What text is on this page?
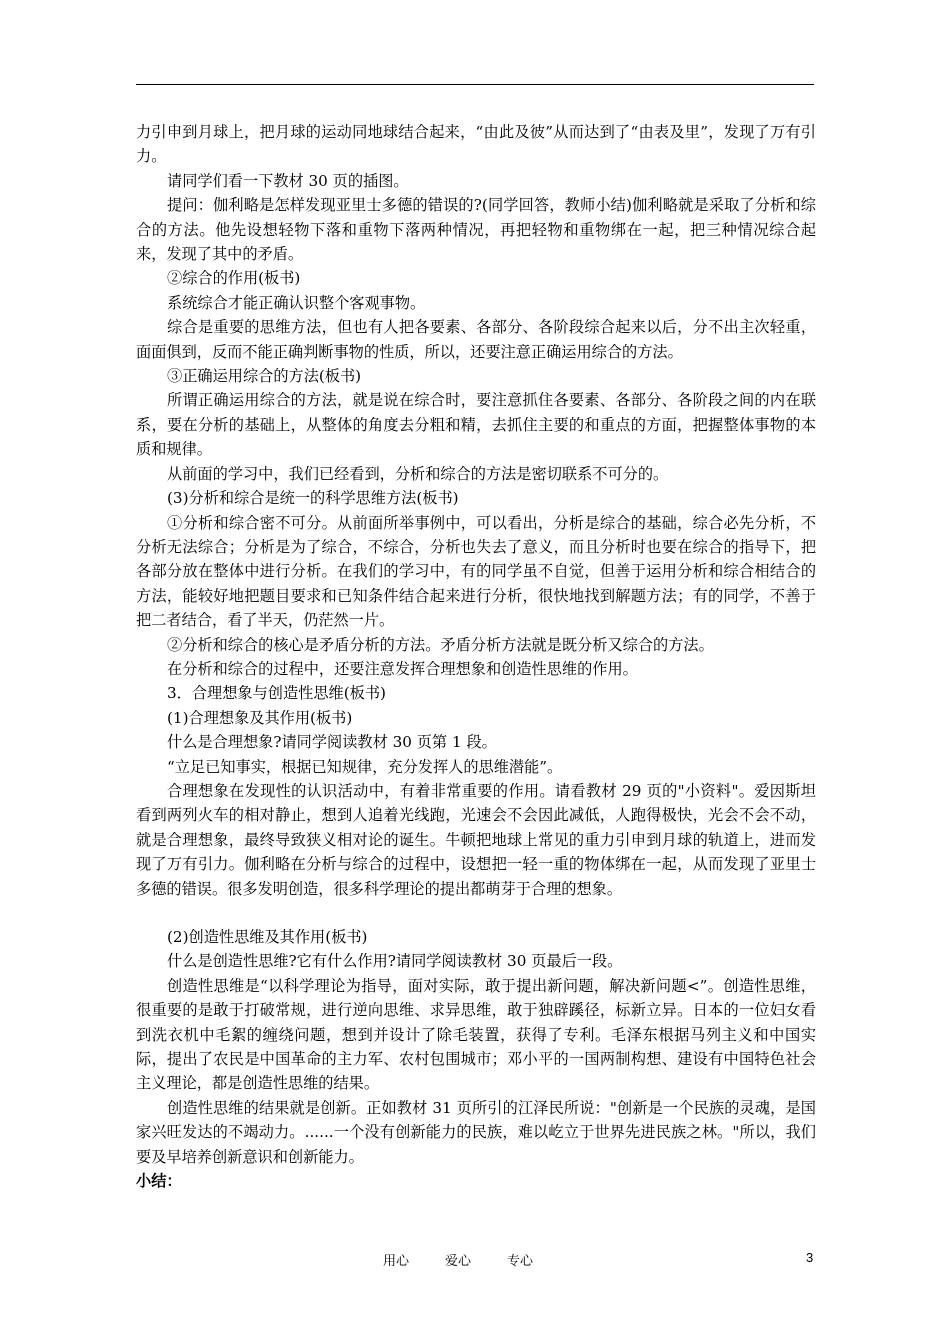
力引申到月球上，把月球的运动同地球结合起来，“由此及彼”从而达到了“由表及里”，发现了万有引力。

请同学们看一下教材 30 页的插图。

提问：伽利略是怎样发现亚里士多德的错误的?(同学回答，教师小结)伽利略就是采取了分析和综合的方法。他先设想轻物下落和重物下落两种情况，再把轻物和重物绑在一起，把三种情况综合起来，发现了其中的矛盾。

②综合的作用(板书)

系统综合才能正确认识整个客观事物。

综合是重要的思维方法，但也有人把各要素、各部分、各阶段综合起来以后，分不出主次轻重，面面俱到，反而不能正确判断事物的性质，所以，还要注意正确运用综合的方法。

③正确运用综合的方法(板书)

所谓正确运用综合的方法，就是说在综合时，要注意抓住各要素、各部分、各阶段之间的内在联系，要在分析的基础上，从整体的角度去分粗和精，去抓住主要的和重点的方面，把握整体事物的本质和规律。

从前面的学习中，我们已经看到，分析和综合的方法是密切联系不可分的。

(3)分析和综合是统一的科学思维方法(板书)

①分析和综合密不可分。从前面所举事例中，可以看出，分析是综合的基础，综合必先分析，不分析无法综合；分析是为了综合，不综合，分析也失去了意义，而且分析时也要在综合的指导下，把各部分放在整体中进行分析。在我们的学习中，有的同学虽不自觉，但善于运用分析和综合相结合的方法，能较好地把题目要求和已知条件结合起来进行分析，很快地找到解题方法；有的同学，不善于把二者结合，看了半天，仍茫然一片。

②分析和综合的核心是矛盾分析的方法。矛盾分析方法就是既分析又综合的方法。

在分析和综合的过程中，还要注意发挥合理想象和创造性思维的作用。

3．合理想象与创造性思维(板书)

(1)合理想象及其作用(板书)

什么是合理想象?请同学阅读教材 30 页第 1 段。

“立足已知事实，根据已知规律，充分发挥人的思维潜能”。

合理想象在发现性的认识活动中，有着非常重要的作用。请看教材 29 页的"小资料"。爱因斯坦看到两列火车的相对静止，想到人追着光线跑，光速会不会因此减低，人跑得极快，光会不会不动，就是合理想象，最终导致狭义相对论的诞生。牛顿把地球上常见的重力引申到月球的轨道上，进而发现了万有引力。伽利略在分析与综合的过程中，设想把一轻一重的物体绑在一起，从而发现了亚里士多德的错误。很多发明创造，很多科学理论的提出都萌芽于合理的想象。

(2)创造性思维及其作用(板书)

什么是创造性思维?它有什么作用?请同学阅读教材 30 页最后一段。

创造性思维是“以科学理论为指导，面对实际，敢于提出新问题，解决新问题<”。创造性思维，很重要的是敢于打破常规，进行逆向思维、求异思维，敢于独辟蹊径，标新立异。日本的一位妇女看到洗衣机中毛絮的缠绕问题，想到并设计了除毛装置，获得了专利。毛泽东根据马列主义和中国实际，提出了农民是中国革命的主力军、农村包围城市；邓小平的一国两制构想、建设有中国特色社会主义理论，都是创造性思维的结果。

创造性思维的结果就是创新。正如教材 31 页所引的江泽民所说："创新是一个民族的灵魂，是国家兴旺发达的不竭动力。......一个没有创新能力的民族，难以屹立于世界先进民族之林。"所以，我们要及早培养创新意识和创新能力。

小结：

用心	爱心	专心	3
